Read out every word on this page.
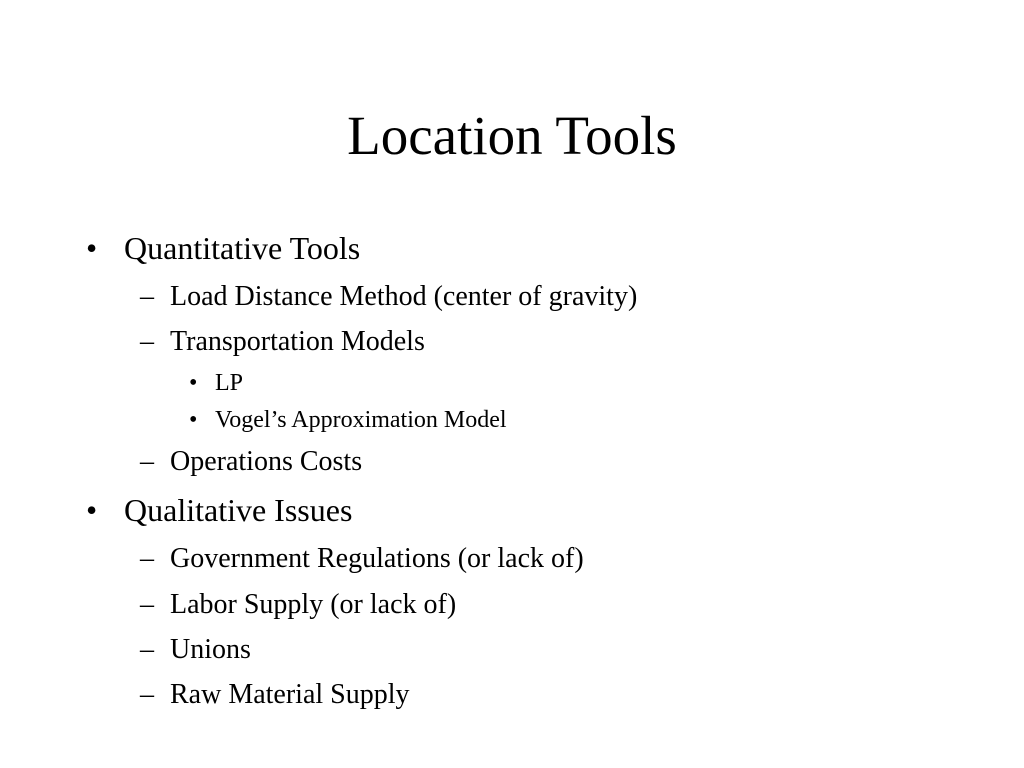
Location Tools
• Quantitative Tools
– Load Distance Method (center of gravity)
– Transportation Models
• LP
• Vogel’s Approximation Model
– Operations Costs
• Qualitative Issues
– Government Regulations (or lack of)
– Labor Supply (or lack of)
– Unions
– Raw Material Supply
